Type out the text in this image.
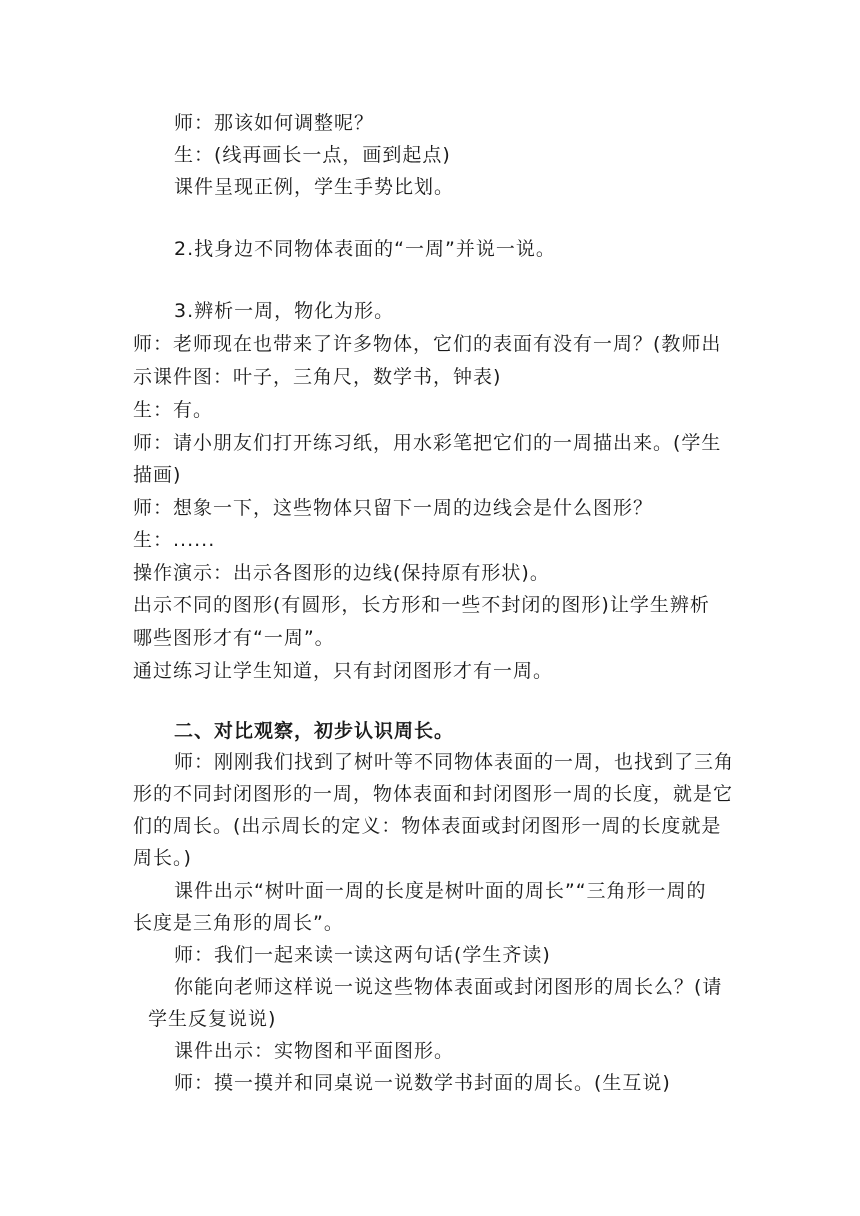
师：那该如何调整呢？
生：(线再画长一点，画到起点)
课件呈现正例，学生手势比划。
2.找身边不同物体表面的“一周”并说一说。
3.辨析一周，物化为形。
师：老师现在也带来了许多物体，它们的表面有没有一周？(教师出
示课件图：叶子，三角尺，数学书，钟表)
生：有。
师：请小朋友们打开练习纸，用水彩笔把它们的一周描出来。(学生
描画)
师：想象一下，这些物体只留下一周的边线会是什么图形？
生：......
操作演示：出示各图形的边线(保持原有形状)。
出示不同的图形(有圆形，长方形和一些不封闭的图形)让学生辨析
哪些图形才有“一周”。
通过练习让学生知道，只有封闭图形才有一周。
二、对比观察，初步认识周长。
师：刚刚我们找到了树叶等不同物体表面的一周，也找到了三角
形的不同封闭图形的一周，物体表面和封闭图形一周的长度，就是它
们的周长。(出示周长的定义：物体表面或封闭图形一周的长度就是
周长。)
课件出示“树叶面一周的长度是树叶面的周长”“三角形一周的
长度是三角形的周长”。
师：我们一起来读一读这两句话(学生齐读)
你能向老师这样说一说这些物体表面或封闭图形的周长么？(请
学生反复说说)
课件出示：实物图和平面图形。
师：摸一摸并和同桌说一说数学书封面的周长。(生互说)
